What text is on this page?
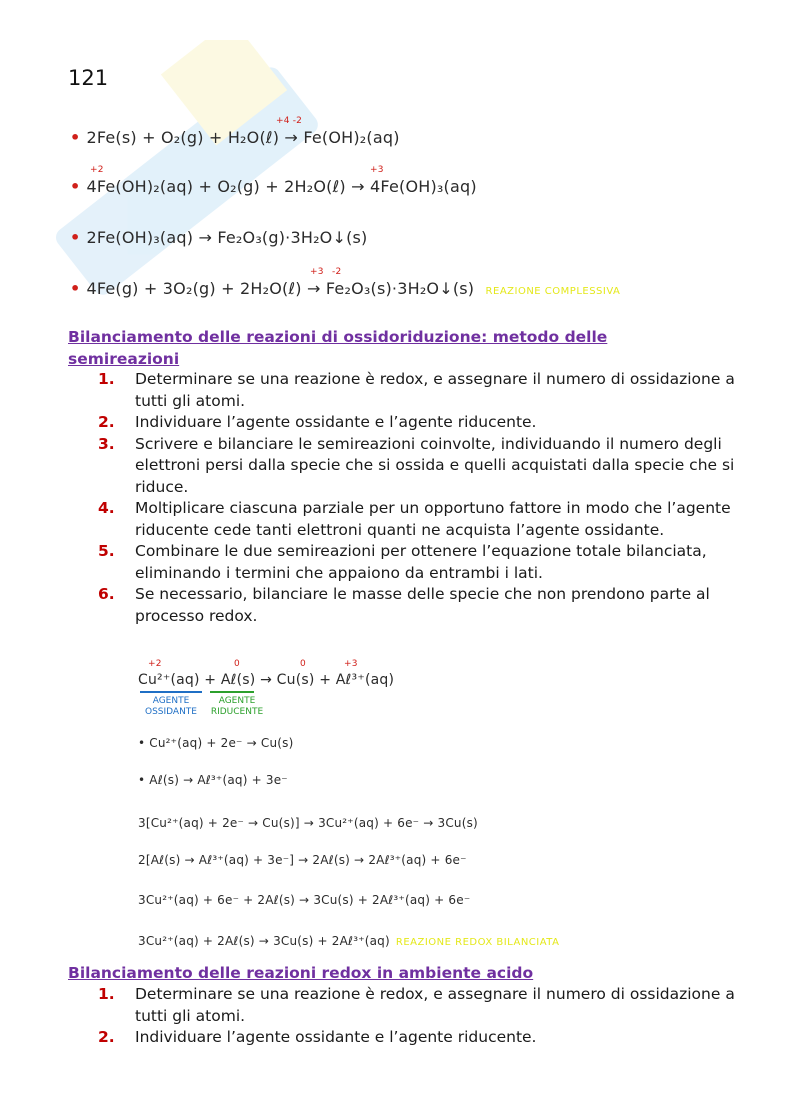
121
• 2Fe(s) + O₂(g) + H₂O(ℓ) → Fe(OH)₂(aq)
+4 -2
• 4Fe(OH)₂(aq) + O₂(g) + 2H₂O(ℓ) → 4Fe(OH)₃(aq)
+2	+3
• 2Fe(OH)₃(aq) → Fe₂O₃(g)·3H₂O↓(s)
• 4Fe(g) + 3O₂(g) + 2H₂O(ℓ) → Fe₂O₃(s)·3H₂O↓(s) REAZIONE COMPLESSIVA
+3 -2
Bilanciamento delle reazioni di ossidoriduzione: metodo delle semireazioni
1. Determinare se una reazione è redox, e assegnare il numero di ossidazione a tutti gli atomi.
2. Individuare l’agente ossidante e l’agente riducente.
3. Scrivere e bilanciare le semireazioni coinvolte, individuando il numero degli elettroni persi dalla specie che si ossida e quelli acquistati dalla specie che si riduce.
4. Moltiplicare ciascuna parziale per un opportuno fattore in modo che l’agente riducente cede tanti elettroni quanti ne acquista l’agente ossidante.
5. Combinare le due semireazioni per ottenere l’equazione totale bilanciata, eliminando i termini che appaiono da entrambi i lati.
6. Se necessario, bilanciare le masse delle specie che non prendono parte al processo redox.
Cu²⁺(aq) + Aℓ(s) → Cu(s) + Aℓ³⁺(aq)
+2	0	0	+3
AGENTE OSSIDANTE
AGENTE RIDUCENTE
• Cu²⁺(aq) + 2e⁻ → Cu(s)
• Aℓ(s) → Aℓ³⁺(aq) + 3e⁻
3[Cu²⁺(aq) + 2e⁻ → Cu(s)] → 3Cu²⁺(aq) + 6e⁻ → 3Cu(s)
2[Aℓ(s) → Aℓ³⁺(aq) + 3e⁻] → 2Aℓ(s) → 2Aℓ³⁺(aq) + 6e⁻
3Cu²⁺(aq) + 6e⁻ + 2Aℓ(s) → 3Cu(s) + 2Aℓ³⁺(aq) + 6e⁻
3Cu²⁺(aq) + 2Aℓ(s) → 3Cu(s) + 2Aℓ³⁺(aq) REAZIONE REDOX BILANCIATA
Bilanciamento delle reazioni redox in ambiente acido
1. Determinare se una reazione è redox, e assegnare il numero di ossidazione a tutti gli atomi.
2. Individuare l’agente ossidante e l’agente riducente.
